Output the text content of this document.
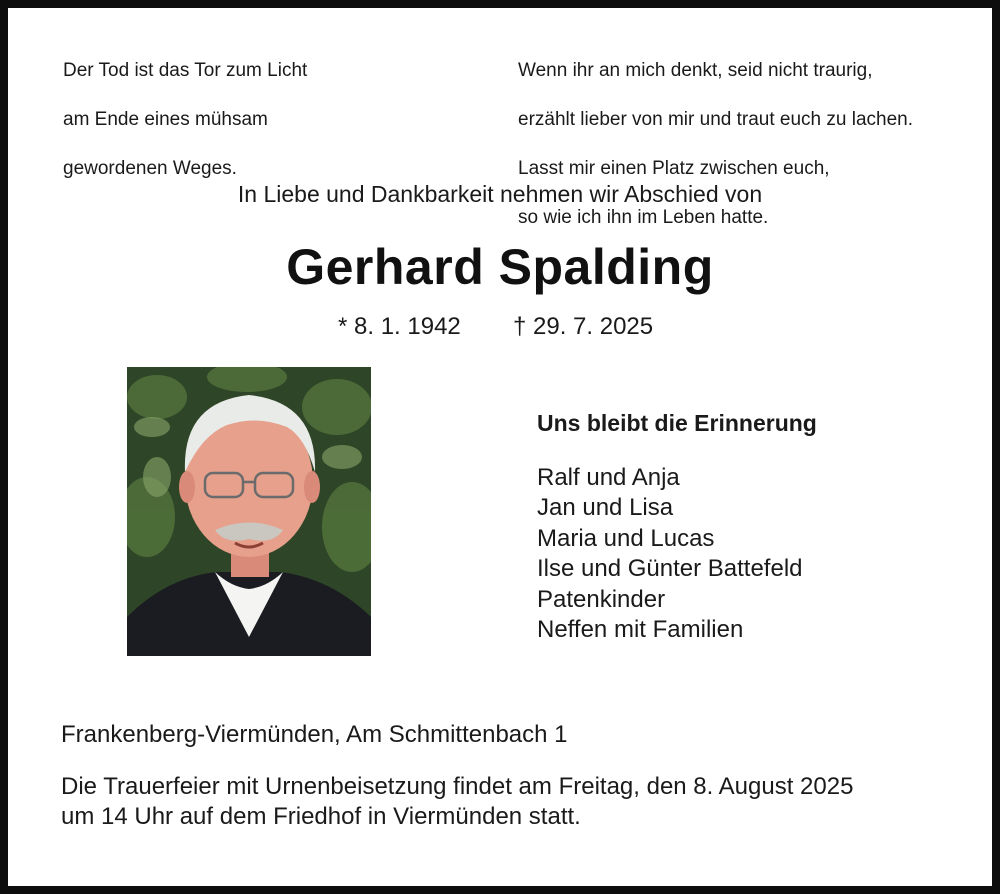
Der Tod ist das Tor zum Licht

am Ende eines mühsam

gewordenen Weges.

Wenn ihr an mich denkt, seid nicht traurig,

erzählt lieber von mir und traut euch zu lachen.

Lasst mir einen Platz zwischen euch,

so wie ich ihn im Leben hatte.

In Liebe und Dankbarkeit nehmen wir Abschied von
Gerhard Spalding
* 8. 1. 1942 † 29. 7. 2025
Uns bleibt die Erinnerung
Ralf und Anja
Jan und Lisa
Maria und Lucas
Ilse und Günter Battefeld
Patenkinder
Neffen mit Familien
Frankenberg-Viermünden, Am Schmittenbach 1
Die Trauerfeier mit Urnenbeisetzung findet am Freitag, den 8. August 2025
um 14 Uhr auf dem Friedhof in Viermünden statt.
